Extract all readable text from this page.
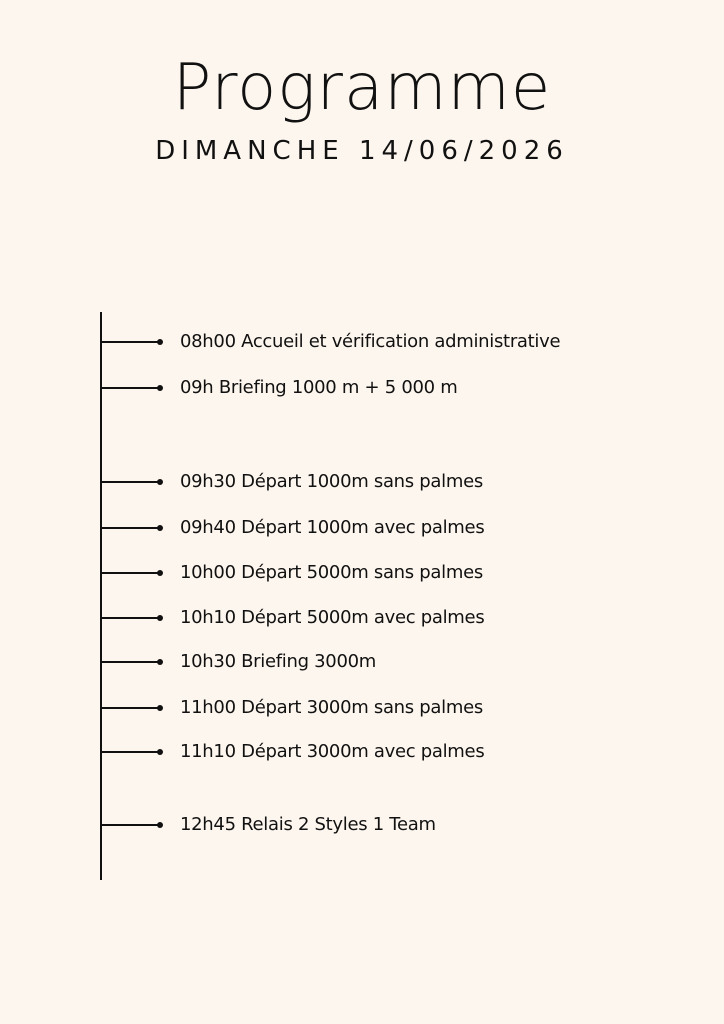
Programme
DIMANCHE 14/06/2026
08h00 Accueil et vérification administrative
09h Briefing 1000 m + 5 000 m
09h30 Départ 1000m sans palmes
09h40 Départ 1000m avec palmes
10h00 Départ 5000m sans palmes
10h10 Départ 5000m avec palmes
10h30 Briefing 3000m
11h00 Départ 3000m sans palmes
11h10 Départ 3000m avec palmes
12h45 Relais 2 Styles 1 Team
